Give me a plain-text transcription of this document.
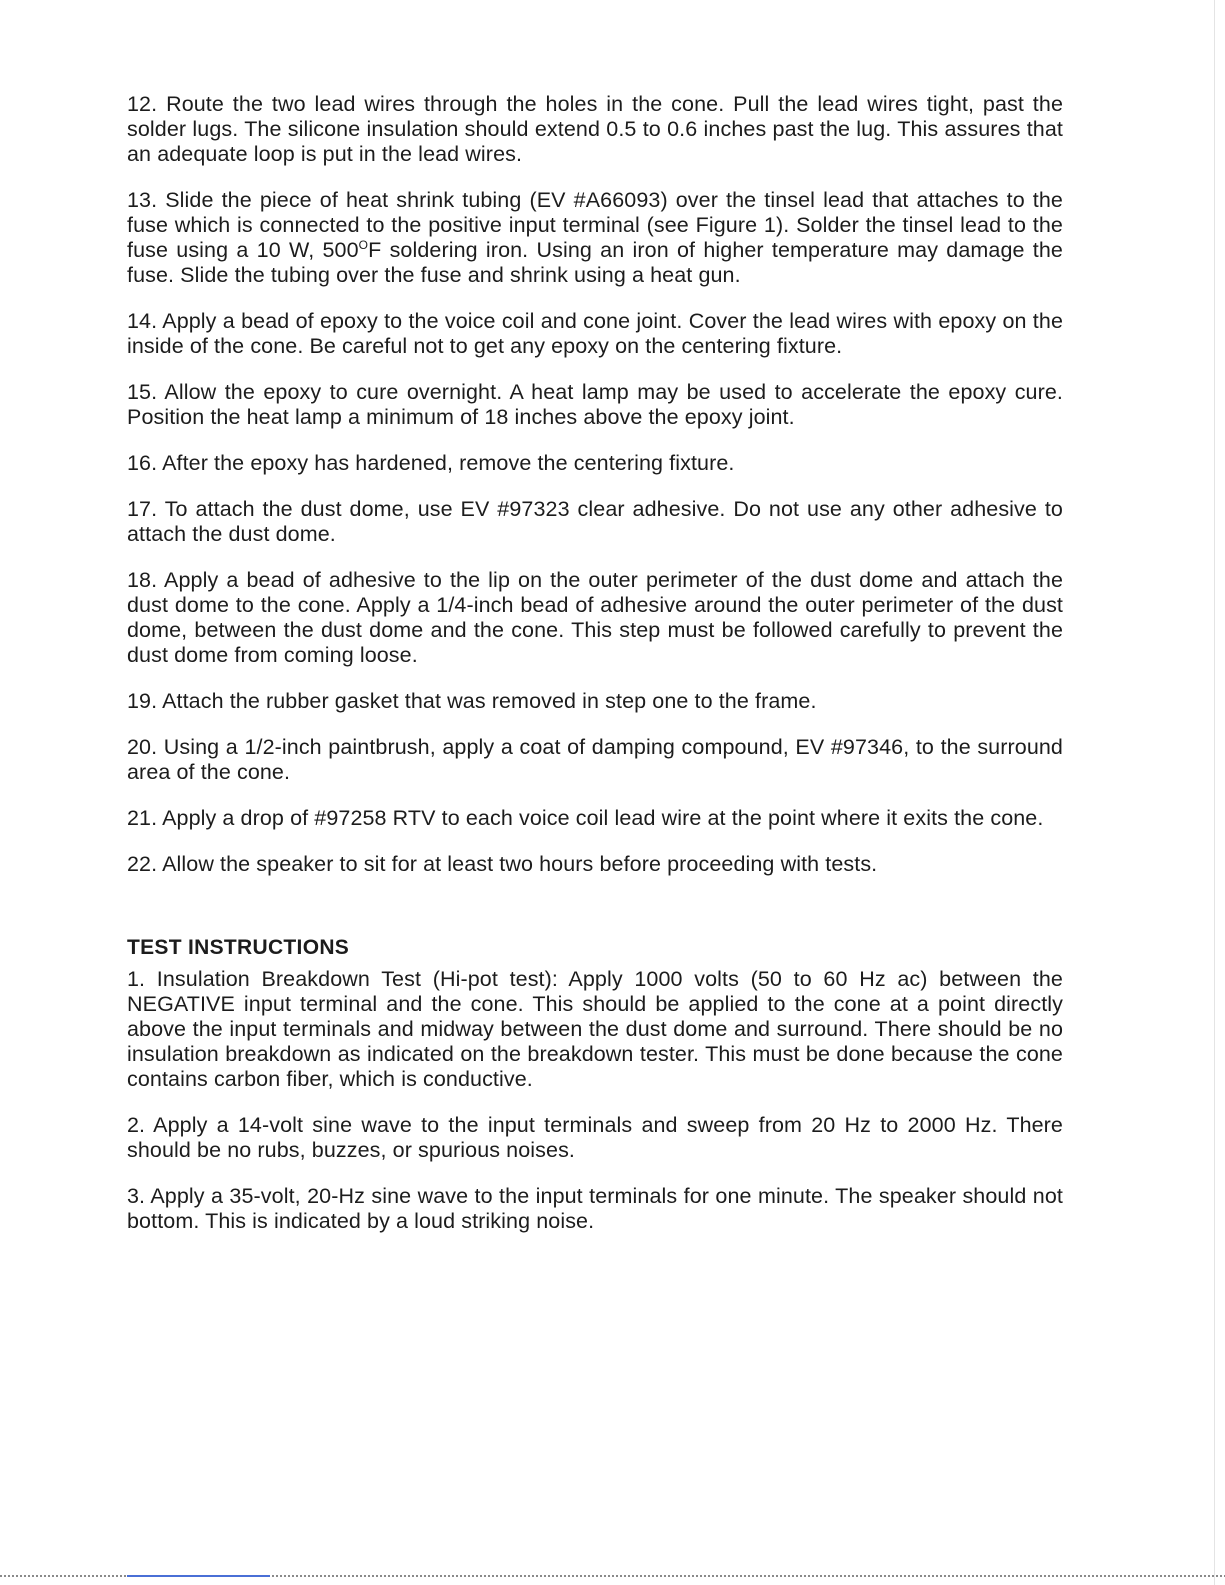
12. Route the two lead wires through the holes in the cone. Pull the lead wires tight, past the solder lugs. The silicone insulation should extend 0.5 to 0.6 inches past the lug. This assures that an adequate loop is put in the lead wires.

13. Slide the piece of heat shrink tubing (EV #A66093) over the tinsel lead that attaches to the fuse which is connected to the positive input terminal (see Figure 1). Solder the tinsel lead to the fuse using a 10 W, $500^OF$ soldering iron. Using an iron of higher temperature may damage the fuse. Slide the tubing over the fuse and shrink using a heat gun.

14. Apply a bead of epoxy to the voice coil and cone joint. Cover the lead wires with epoxy on the inside of the cone. Be careful not to get any epoxy on the centering fixture.

15. Allow the epoxy to cure overnight. A heat lamp may be used to accelerate the epoxy cure. Position the heat lamp a minimum of 18 inches above the epoxy joint.

16. After the epoxy has hardened, remove the centering fixture.

17. To attach the dust dome, use EV #97323 clear adhesive. Do not use any other adhesive to attach the dust dome.

18. Apply a bead of adhesive to the lip on the outer perimeter of the dust dome and attach the dust dome to the cone. Apply a 1/4-inch bead of adhesive around the outer perimeter of the dust dome, between the dust dome and the cone. This step must be followed carefully to prevent the dust dome from coming loose.

19. Attach the rubber gasket that was removed in step one to the frame.

20. Using a 1/2-inch paintbrush, apply a coat of damping compound, EV #97346, to the surround area of the cone.

21. Apply a drop of #97258 RTV to each voice coil lead wire at the point where it exits the cone.

22. Allow the speaker to sit for at least two hours before proceeding with tests.

TEST INSTRUCTIONS

1. Insulation Breakdown Test (Hi-pot test): Apply 1000 volts (50 to 60 Hz ac) between the NEGATIVE input terminal and the cone. This should be applied to the cone at a point directly above the input terminals and midway between the dust dome and surround. There should be no insulation breakdown as indicated on the breakdown tester. This must be done because the cone contains carbon fiber, which is conductive.

2. Apply a 14-volt sine wave to the input terminals and sweep from 20 Hz to 2000 Hz. There should be no rubs, buzzes, or spurious noises.

3. Apply a 35-volt, 20-Hz sine wave to the input terminals for one minute. The speaker should not bottom. This is indicated by a loud striking noise.
